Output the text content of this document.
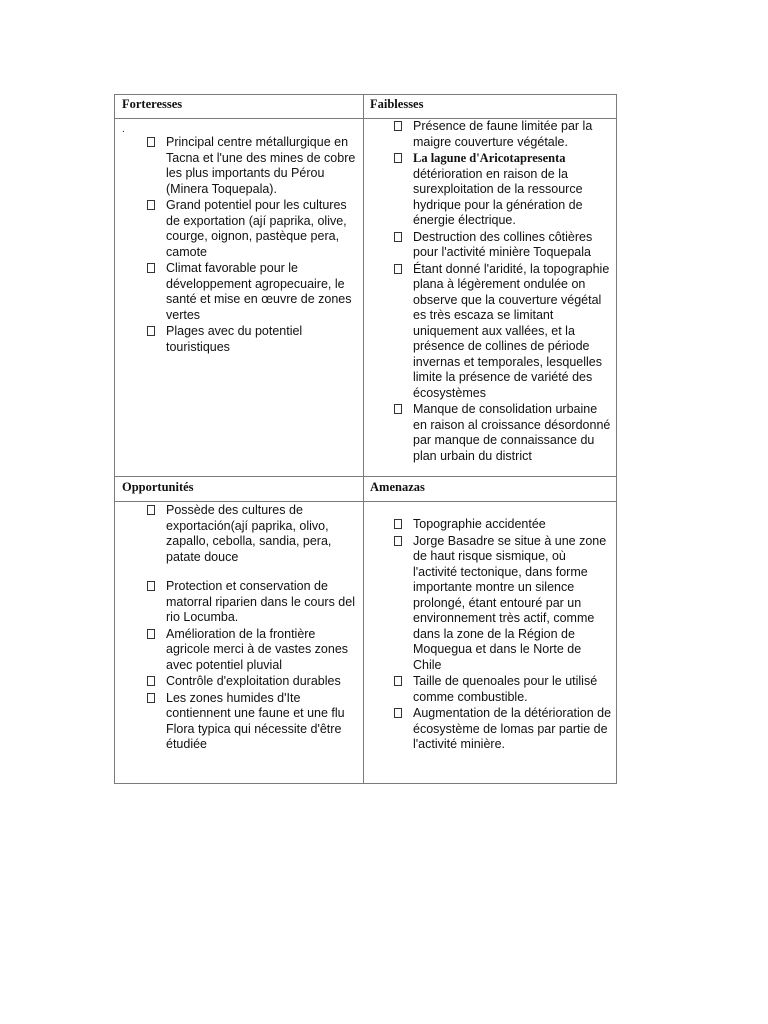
Forteresses	Faiblesses
Opportunités	Amenazas
.
Principal centre métallurgique en Tacna et l'une des mines de cobre les plus importants du Pérou (Minera Toquepala).
Grand potentiel pour les cultures de exportation (ají paprika, olive, courge, oignon, pastèque pera, camote
Climat favorable pour le développement agropecuaire, le santé et mise en œuvre de zones vertes
Plages avec du potentiel touristiques
Présence de faune limitée par la maigre couverture végétale.
La lagune d'Aricotapresenta détérioration en raison de la surexploitation de la ressource hydrique pour la génération de énergie électrique.
Destruction des collines côtières pour l'activité minière Toquepala
Étant donné l'aridité, la topographie plana à légèrement ondulée on observe que la couverture végétal es très escaza se limitant uniquement aux vallées, et la présence de collines de période invernas et temporales, lesquelles limite la présence de variété des écosystèmes
Manque de consolidation urbaine en raison al croissance désordonné par manque de connaissance du plan urbain du district
Possède des cultures de exportación(ají paprika, olivo, zapallo, cebolla, sandia, pera, patate douce
Protection et conservation de matorral riparien dans le cours del rio Locumba.
Amélioration de la frontière agricole merci à de vastes zones avec potentiel pluvial
Contrôle d'exploitation durables
Les zones humides d'Ite contiennent une faune et une flu Flora typica qui nécessite d'être étudiée
Topographie accidentée
Jorge Basadre se situe à une zone de haut risque sismique, où l'activité tectonique, dans forme importante montre un silence prolongé, étant entouré par un environnement très actif, comme dans la zone de la Région de Moquegua et dans le Norte de Chile
Taille de quenoales pour le utilisé comme combustible.
Augmentation de la détérioration de écosystème de lomas par partie de l'activité minière.
